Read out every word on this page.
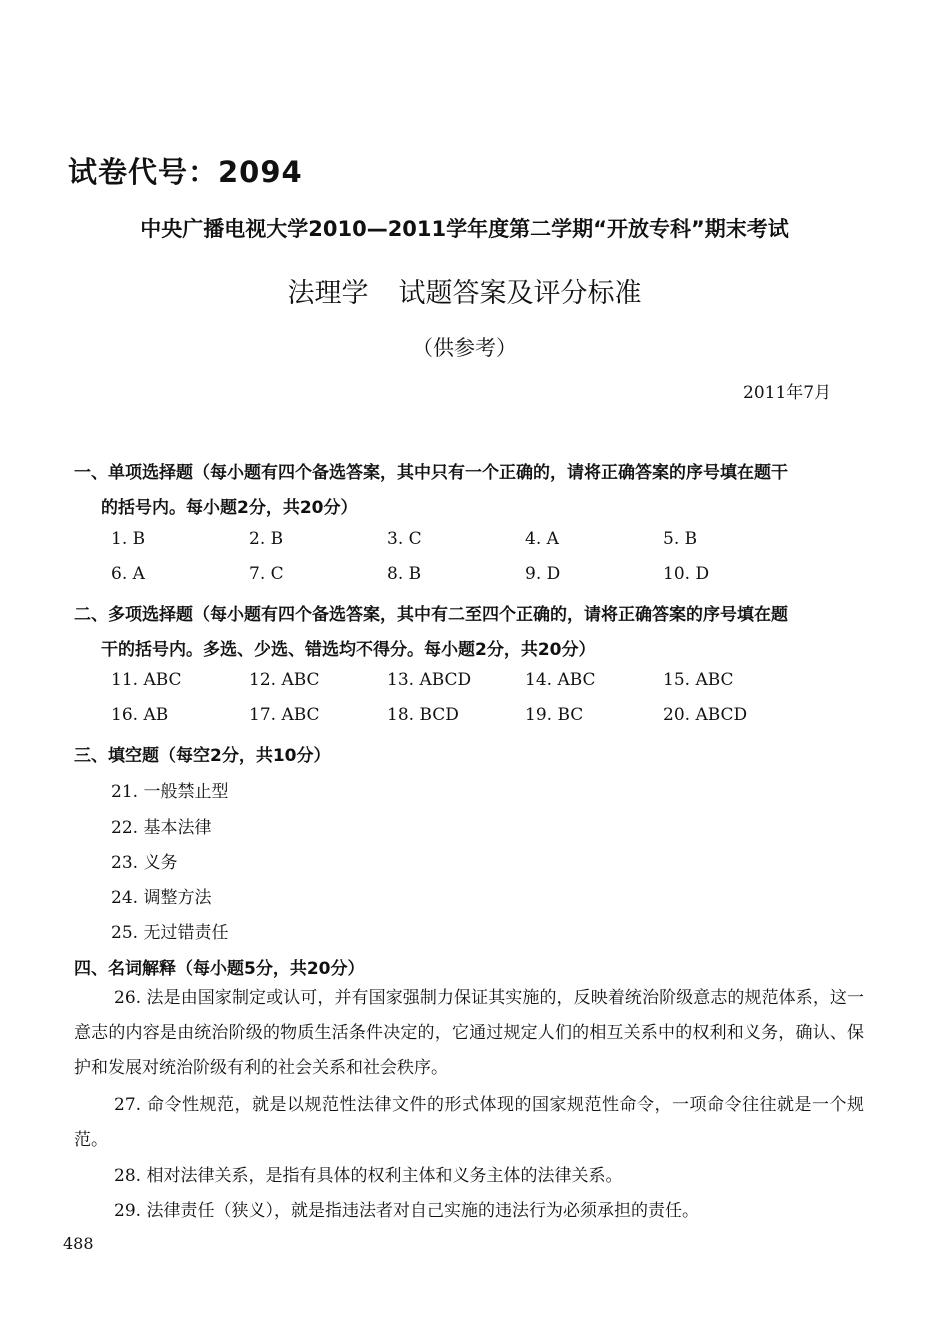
试卷代号：2094
中央广播电视大学2010—2011学年度第二学期“开放专科”期末考试
法理学 试题答案及评分标准
（供参考）
2011年7月
一、单项选择题（每小题有四个备选答案，其中只有一个正确的，请将正确答案的序号填在题干
的括号内。每小题2分，共20分）
1. B	2. B	3. C	4. A	5. B
6. A	7. C	8. B	9. D	10. D
二、多项选择题（每小题有四个备选答案，其中有二至四个正确的，请将正确答案的序号填在题
干的括号内。多选、少选、错选均不得分。每小题2分，共20分）
11. ABC	12. ABC	13. ABCD	14. ABC	15. ABC
16. AB	17. ABC	18. BCD	19. BC	20. ABCD
三、填空题（每空2分，共10分）
21. 一般禁止型
22. 基本法律
23. 义务
24. 调整方法
25. 无过错责任
四、名词解释（每小题5分，共20分）
26. 法是由国家制定或认可，并有国家强制力保证其实施的，反映着统治阶级意志的规范体系，这一意志的内容是由统治阶级的物质生活条件决定的，它通过规定人们的相互关系中的权利和义务，确认、保护和发展对统治阶级有利的社会关系和社会秩序。
27. 命令性规范，就是以规范性法律文件的形式体现的国家规范性命令，一项命令往往就是一个规范。
28. 相对法律关系，是指有具体的权利主体和义务主体的法律关系。
29. 法律责任（狭义），就是指违法者对自己实施的违法行为必须承担的责任。
488
